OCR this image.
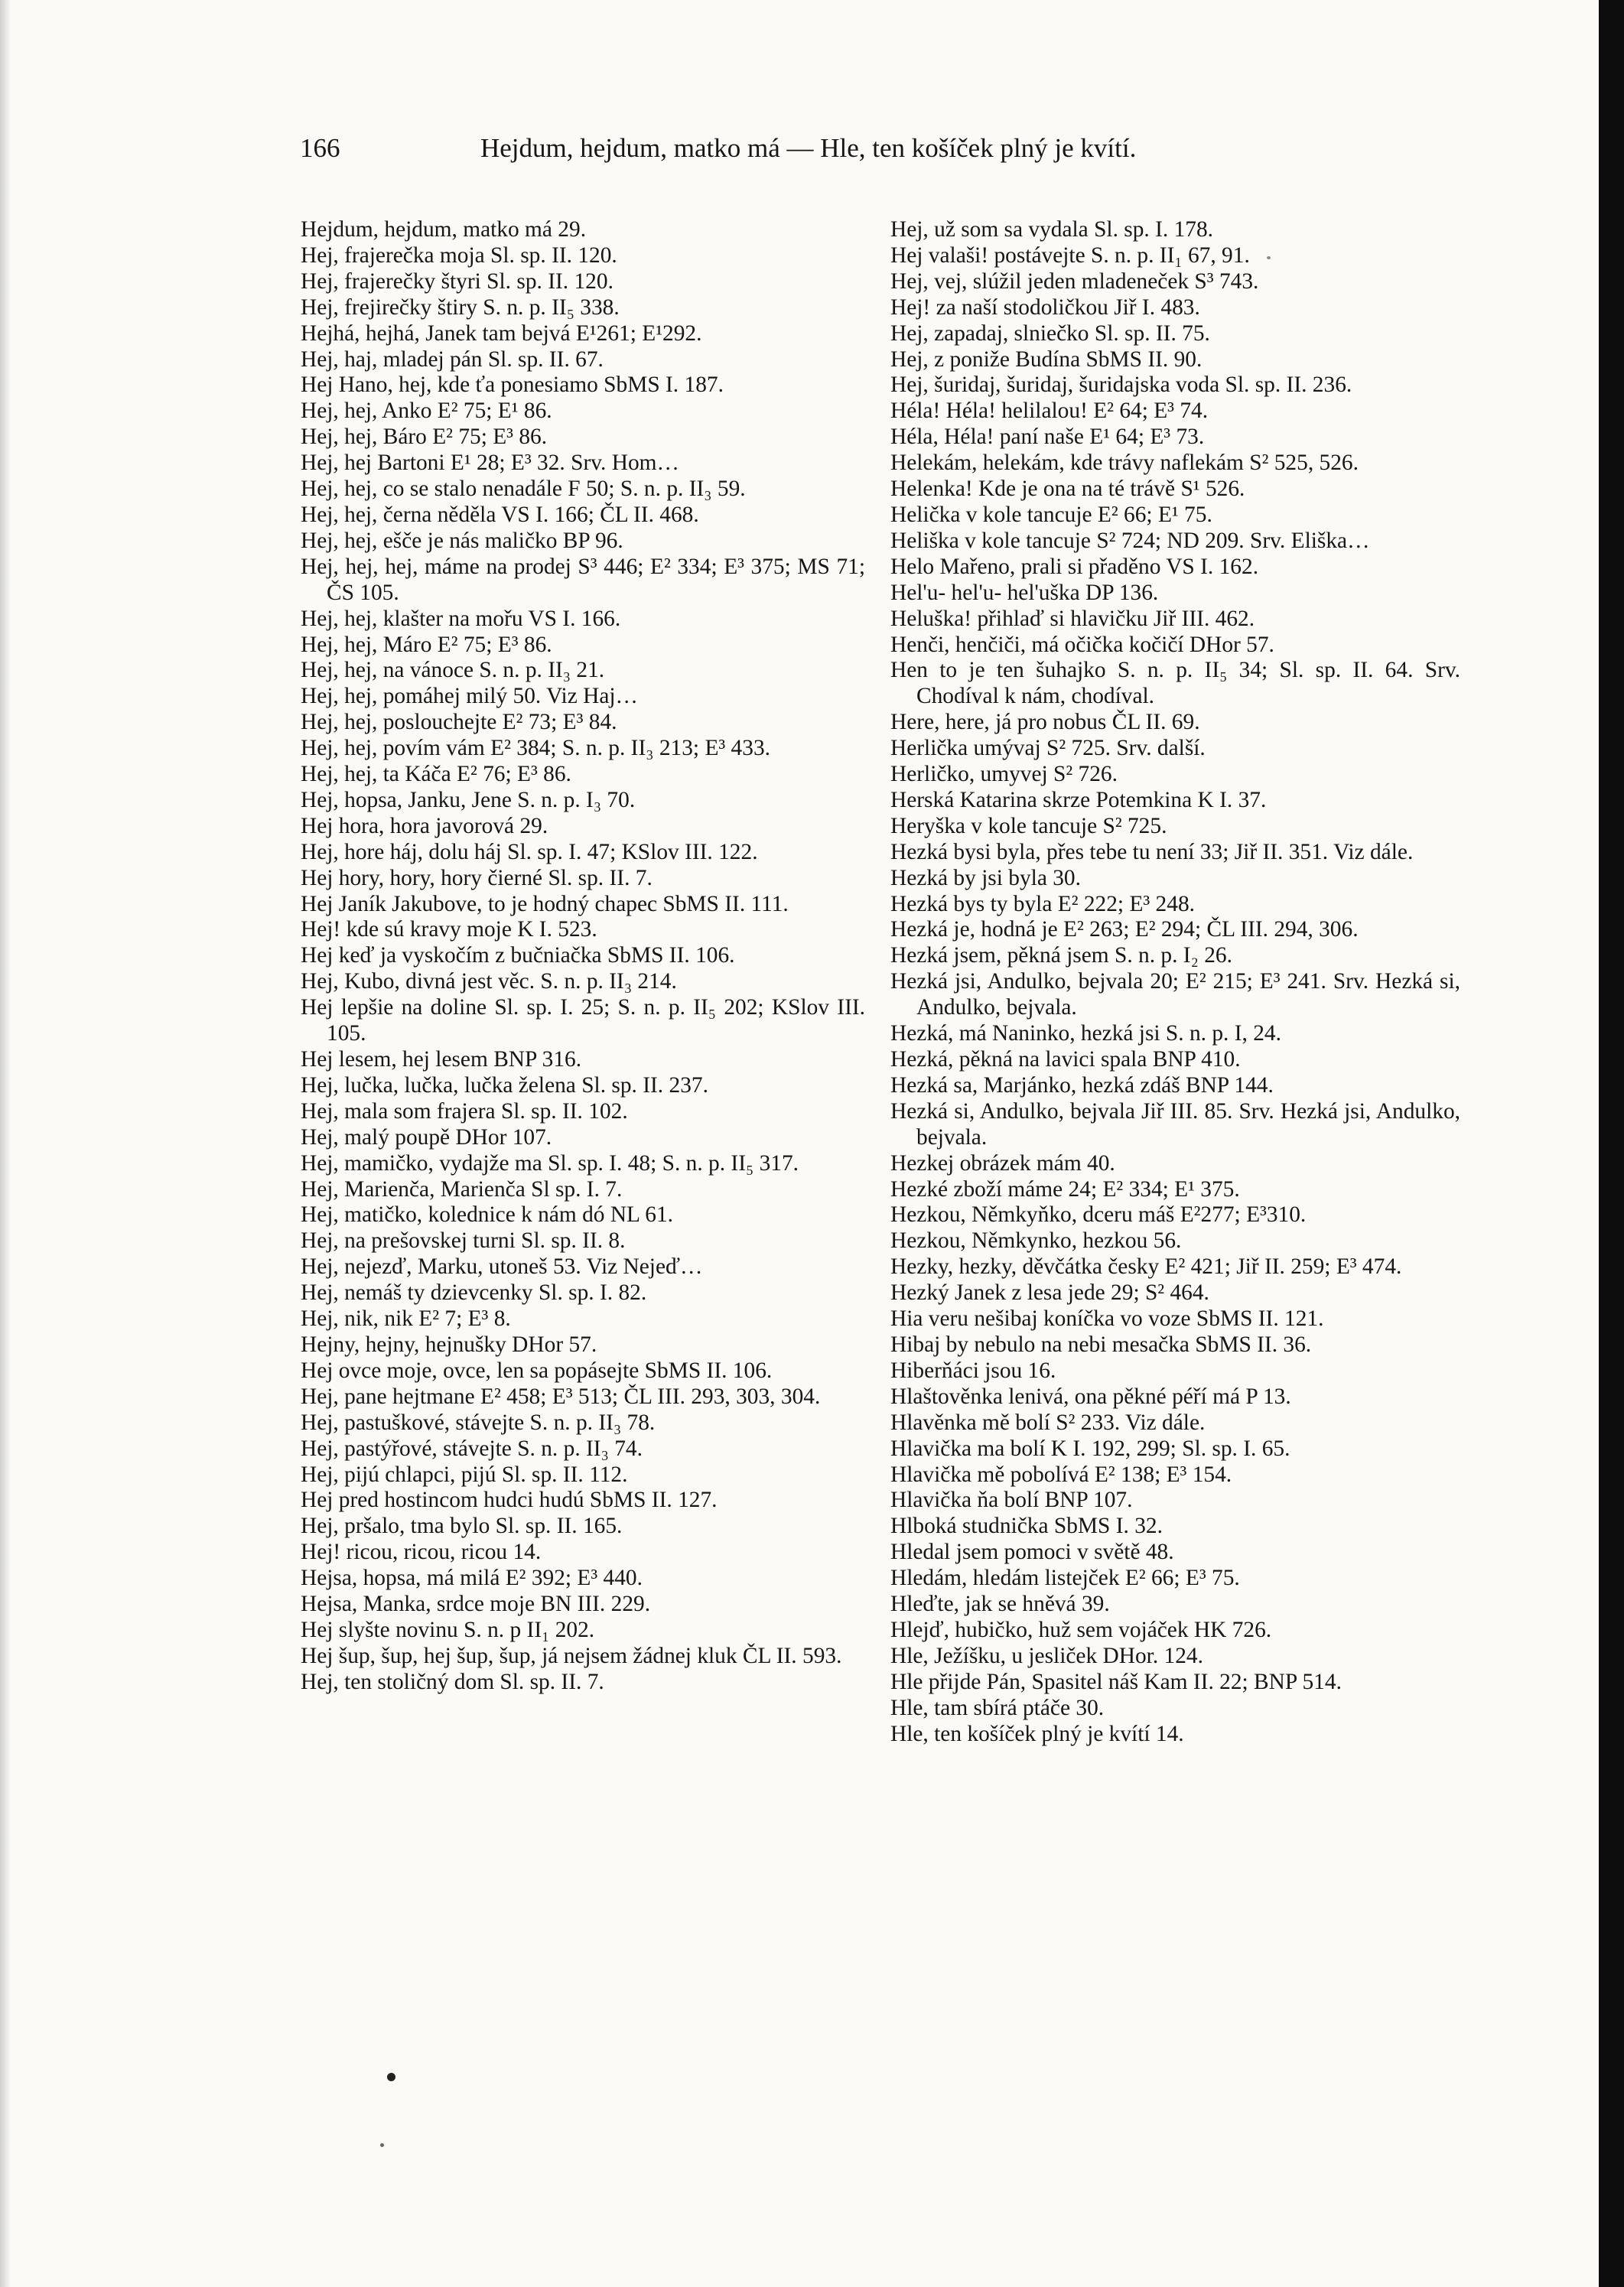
166	Hejdum, hejdum, matko má — Hle, ten košíček plný je kvítí.

Hejdum, hejdum, matko má 29.

Hej, frajerečka moja Sl. sp. II. 120.

Hej, frajerečky štyri Sl. sp. II. 120.

Hej, frejirečky štiry S. n. p. II₅ 338.

Hejhá, hejhá, Janek tam bejvá E¹261; E¹292.

Hej, haj, mladej pán Sl. sp. II. 67.

Hej Hano, hej, kde ťa ponesiamo SbMS I. 187.

Hej, hej, Anko E² 75; E¹ 86.

Hej, hej, Báro E² 75; E³ 86.

Hej, hej Bartoni E¹ 28; E³ 32. Srv. Hom…

Hej, hej, co se stalo nenadále F 50; S. n. p. II₃ 59.

Hej, hej, černa něděla VS I. 166; ČL II. 468.

Hej, hej, ešče je nás maličko BP 96.

Hej, hej, hej, máme na prodej S³ 446; E² 334; E³ 375; MS 71; ČS 105.

Hej, hej, klašter na mořu VS I. 166.

Hej, hej, Máro E² 75; E³ 86.

Hej, hej, na vánoce S. n. p. II₃ 21.

Hej, hej, pomáhej milý 50. Viz Haj…

Hej, hej, poslouchejte E² 73; E³ 84.

Hej, hej, povím vám E² 384; S. n. p. II₃ 213; E³ 433.

Hej, hej, ta Káča E² 76; E³ 86.

Hej, hopsa, Janku, Jene S. n. p. I₃ 70.

Hej hora, hora javorová 29.

Hej, hore háj, dolu háj Sl. sp. I. 47; KSlov III. 122.

Hej hory, hory, hory čierné Sl. sp. II. 7.

Hej Janík Jakubove, to je hodný chapec SbMS II. 111.

Hej! kde sú kravy moje K I. 523.

Hej keď ja vyskočím z bučniačka SbMS II. 106.

Hej, Kubo, divná jest věc. S. n. p. II₃ 214.

Hej lepšie na doline Sl. sp. I. 25; S. n. p. II₅ 202; KSlov III. 105.

Hej lesem, hej lesem BNP 316.

Hej, lučka, lučka, lučka želena Sl. sp. II. 237.

Hej, mala som frajera Sl. sp. II. 102.

Hej, malý poupě DHor 107.

Hej, mamičko, vydajže ma Sl. sp. I. 48; S. n. p. II₅ 317.

Hej, Marienča, Marienča Sl sp. I. 7.

Hej, matičko, kolednice k nám dó NL 61.

Hej, na prešovskej turni Sl. sp. II. 8.

Hej, nejezď, Marku, utoneš 53. Viz Nejeď…

Hej, nemáš ty dzievcenky Sl. sp. I. 82.

Hej, nik, nik E² 7; E³ 8.

Hejny, hejny, hejnušky DHor 57.

Hej ovce moje, ovce, len sa popásejte SbMS II. 106.

Hej, pane hejtmane E² 458; E³ 513; ČL III. 293, 303, 304.

Hej, pastuškové, stávejte S. n. p. II₃ 78.

Hej, pastýřové, stávejte S. n. p. II₃ 74.

Hej, pijú chlapci, pijú Sl. sp. II. 112.

Hej pred hostincom hudci hudú SbMS II. 127.

Hej, pršalo, tma bylo Sl. sp. II. 165.

Hej! ricou, ricou, ricou 14.

Hejsa, hopsa, má milá E² 392; E³ 440.

Hejsa, Manka, srdce moje BN III. 229.

Hej slyšte novinu S. n. p II₁ 202.

Hej šup, šup, hej šup, šup, já nejsem žádnej kluk ČL II. 593.

Hej, ten stoličný dom Sl. sp. II. 7.

Hej, už som sa vydala Sl. sp. I. 178.

Hej valaši! postávejte S. n. p. II₁ 67, 91.

Hej, vej, slúžil jeden mladeneček S³ 743.

Hej! za naší stodoličkou Jiř I. 483.

Hej, zapadaj, slniečko Sl. sp. II. 75.

Hej, z poniže Budína SbMS II. 90.

Hej, šuridaj, šuridaj, šuridajska voda Sl. sp. II. 236.

Héla! Héla! helilalou! E² 64; E³ 74.

Héla, Héla! paní naše E¹ 64; E³ 73.

Helekám, helekám, kde trávy naflekám S² 525, 526.

Helenka! Kde je ona na té trávě S¹ 526.

Helička v kole tancuje E² 66; E¹ 75.

Heliška v kole tancuje S² 724; ND 209. Srv. Eliška…

Helo Mařeno, prali si přaděno VS I. 162.

Hel'u- hel'u- hel'uška DP 136.

Heluška! přihlaď si hlavičku Jiř III. 462.

Henči, henčiči, má očička kočičí DHor 57.

Hen to je ten šuhajko S. n. p. II₅ 34; Sl. sp. II. 64. Srv. Chodíval k nám, chodíval.

Here, here, já pro nobus ČL II. 69.

Herlička umývaj S² 725. Srv. další.

Herličko, umyvej S² 726.

Herská Katarina skrze Potemkina K I. 37.

Heryška v kole tancuje S² 725.

Hezká bysi byla, přes tebe tu není 33; Jiř II. 351. Viz dále.

Hezká by jsi byla 30.

Hezká bys ty byla E² 222; E³ 248.

Hezká je, hodná je E² 263; E² 294; ČL III. 294, 306.

Hezká jsem, pěkná jsem S. n. p. I₂ 26.

Hezká jsi, Andulko, bejvala 20; E² 215; E³ 241. Srv. Hezká si, Andulko, bejvala.

Hezká, má Naninko, hezká jsi S. n. p. I, 24.

Hezká, pěkná na lavici spala BNP 410.

Hezká sa, Marjánko, hezká zdáš BNP 144.

Hezká si, Andulko, bejvala Jiř III. 85. Srv. Hezká jsi, Andulko, bejvala.

Hezkej obrázek mám 40.

Hezké zboží máme 24; E² 334; E¹ 375.

Hezkou, Němkyňko, dceru máš E²277; E³310.

Hezkou, Němkynko, hezkou 56.

Hezky, hezky, děvčátka česky E² 421; Jiř II. 259; E³ 474.

Hezký Janek z lesa jede 29; S² 464.

Hia veru nešibaj koníčka vo voze SbMS II. 121.

Hibaj by nebulo na nebi mesačka SbMS II. 36.

Hiberňáci jsou 16.

Hlaštověnka lenivá, ona pěkné péří má P 13.

Hlavěnka mě bolí S² 233. Viz dále.

Hlavička ma bolí K I. 192, 299; Sl. sp. I. 65.

Hlavička mě pobolívá E² 138; E³ 154.

Hlavička ňa bolí BNP 107.

Hlboká studnička SbMS I. 32.

Hledal jsem pomoci v světě 48.

Hledám, hledám listejček E² 66; E³ 75.

Hleďte, jak se hněvá 39.

Hlejď, hubičko, huž sem vojáček HK 726.

Hle, Ježíšku, u jesliček DHor. 124.

Hle přijde Pán, Spasitel náš Kam II. 22; BNP 514.

Hle, tam sbírá ptáče 30.

Hle, ten košíček plný je kvítí 14.
